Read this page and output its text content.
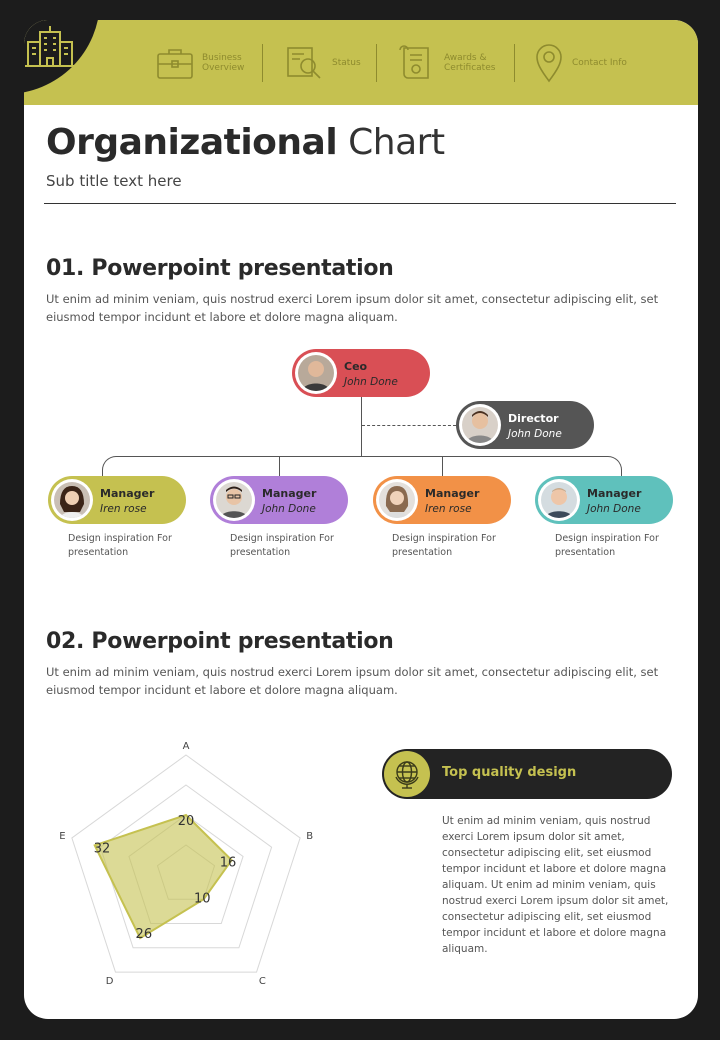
Business Overview	Status	Awards & Certificates	Contact Info
Organizational Chart
Sub title text here
01. Powerpoint presentation
Ut enim ad minim veniam, quis nostrud exerci Lorem ipsum dolor sit amet, consectetur adipiscing elit, set eiusmod tempor incidunt et labore et dolore magna aliquam.
Ceo
John Done
Director
John Done
Manager
Iren rose
Design inspiration For presentation
Manager
John Done
Design inspiration For presentation
Manager
Iren rose
Design inspiration For presentation
Manager
John Done
Design inspiration For presentation
02. Powerpoint presentation
Ut enim ad minim veniam, quis nostrud exerci Lorem ipsum dolor sit amet, consectetur adipiscing elit, set eiusmod tempor incidunt et labore et dolore magna aliquam.
A
B
C
D
E
20
16
10
26
32
Top quality design
Ut enim ad minim veniam, quis nostrud exerci Lorem ipsum dolor sit amet, consectetur adipiscing elit, set eiusmod tempor incidunt et labore et dolore magna aliquam. Ut enim ad minim veniam, quis nostrud exerci Lorem ipsum dolor sit amet, consectetur adipiscing elit, set eiusmod tempor incidunt et labore et dolore magna aliquam.
